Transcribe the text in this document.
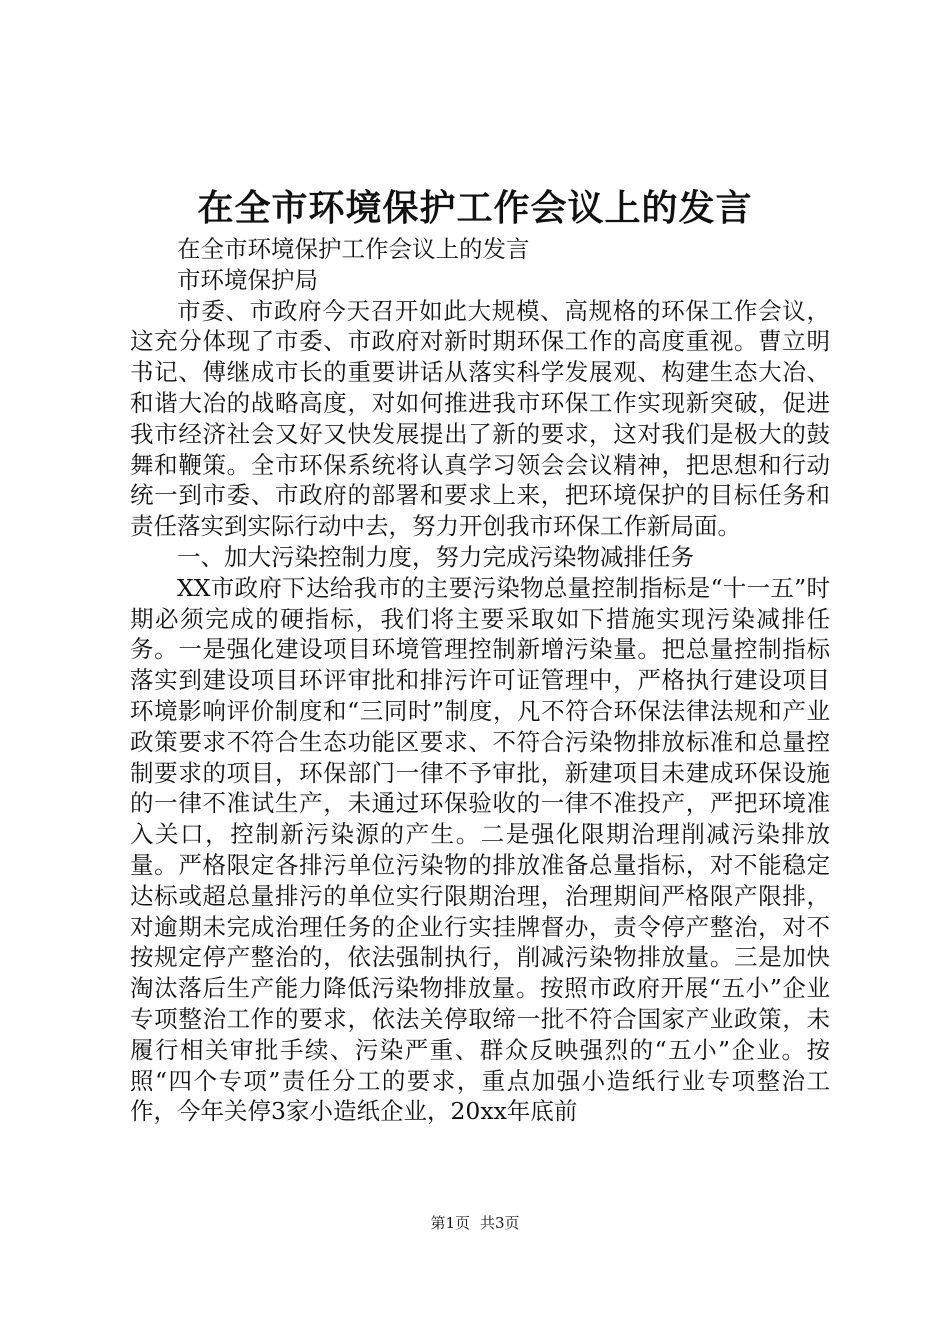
在全市环境保护工作会议上的发言

在全市环境保护工作会议上的发言

市环境保护局

市委、市政府今天召开如此大规模、高规格的环保工作会议，这充分体现了市委、市政府对新时期环保工作的高度重视。曹立明书记、傅继成市长的重要讲话从落实科学发展观、构建生态大冶、和谐大冶的战略高度，对如何推进我市环保工作实现新突破，促进我市经济社会又好又快发展提出了新的要求，这对我们是极大的鼓舞和鞭策。全市环保系统将认真学习领会会议精神，把思想和行动统一到市委、市政府的部署和要求上来，把环境保护的目标任务和责任落实到实际行动中去，努力开创我市环保工作新局面。

一、加大污染控制力度，努力完成污染物减排任务

XX市政府下达给我市的主要污染物总量控制指标是“十一五”时期必须完成的硬指标，我们将主要采取如下措施实现污染减排任务。一是强化建设项目环境管理控制新增污染量。把总量控制指标落实到建设项目环评审批和排污许可证管理中，严格执行建设项目环境影响评价制度和“三同时”制度，凡不符合环保法律法规和产业政策要求不符合生态功能区要求、不符合污染物排放标准和总量控制要求的项目，环保部门一律不予审批，新建项目未建成环保设施的一律不准试生产，未通过环保验收的一律不准投产，严把环境准入关口，控制新污染源的产生。二是强化限期治理削减污染排放量。严格限定各排污单位污染物的排放准备总量指标，对不能稳定达标或超总量排污的单位实行限期治理，治理期间严格限产限排，对逾期未完成治理任务的企业行实挂牌督办，责令停产整治，对不按规定停产整治的，依法强制执行，削减污染物排放量。三是加快淘汰落后生产能力降低污染物排放量。按照市政府开展“五小”企业专项整治工作的要求，依法关停取缔一批不符合国家产业政策，未履行相关审批手续、污染严重、群众反映强烈的“五小”企业。按照“四个专项”责任分工的要求，重点加强小造纸行业专项整治工作，今年关停3家小造纸企业，20xx年底前

第1页 共3页
